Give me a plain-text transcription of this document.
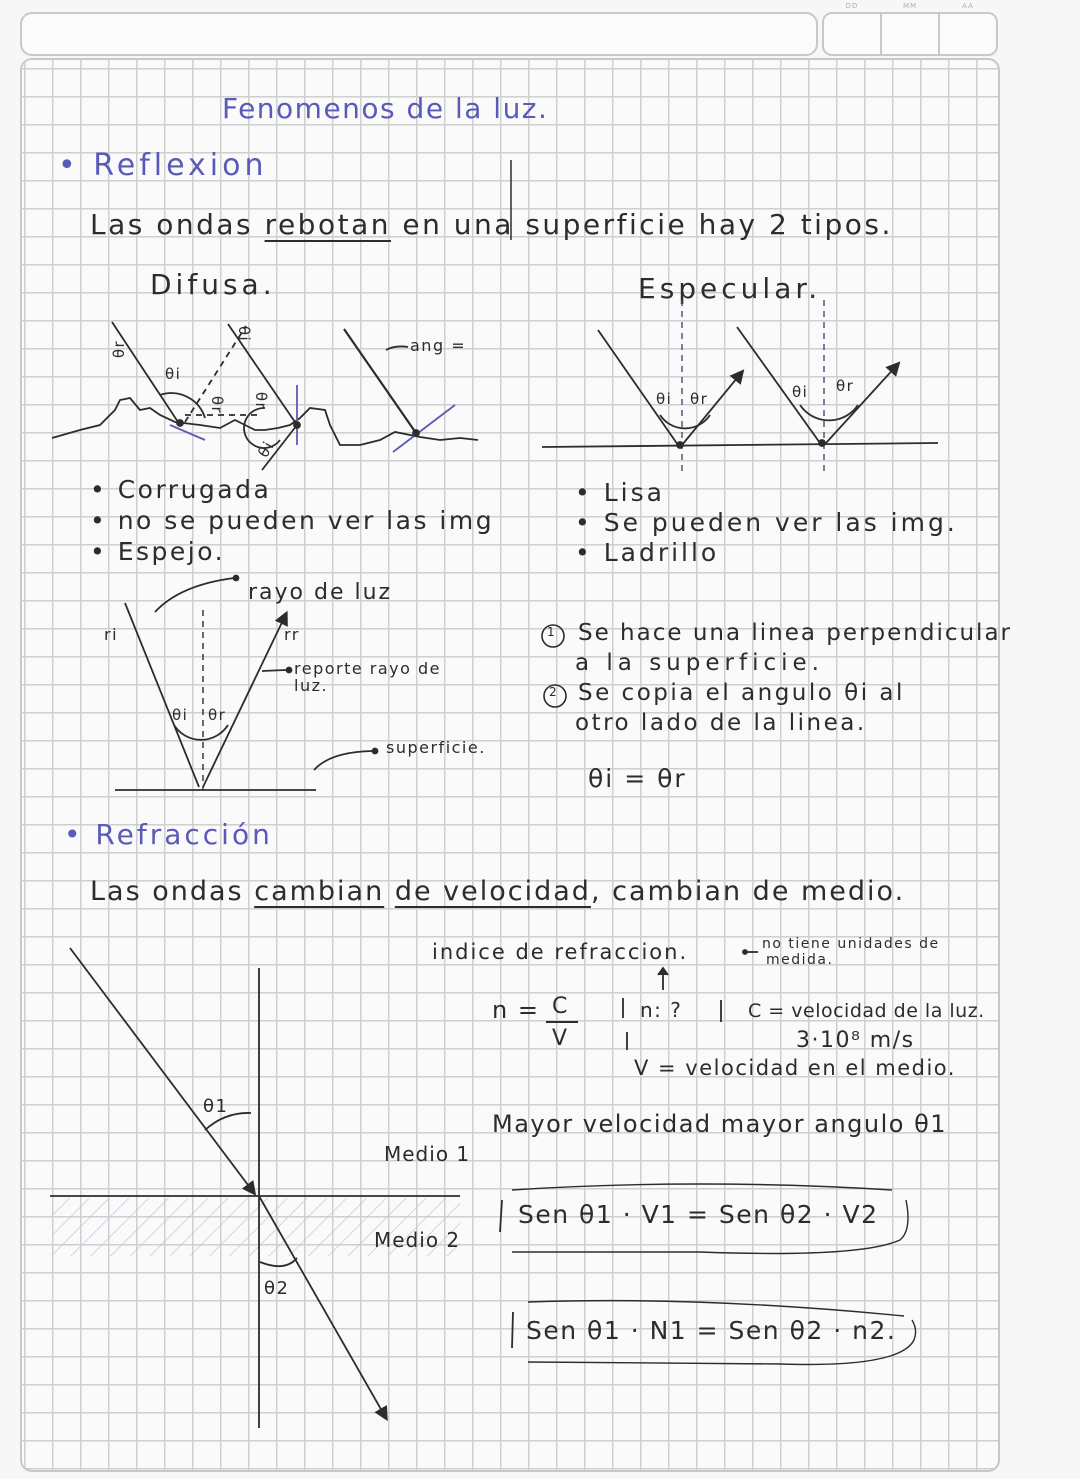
DD	MM	AA
Fenomenos de la luz.
• Reflexion
Las ondas rebotan en una superficie hay 2 tipos.
Difusa.	Especular.
θr
θi
θi
θr θr
θi
ang =
θi θr	θi θr
• Corrugada
• no se pueden ver las img
• Espejo.
• Lisa
• Se pueden ver las img.
• Ladrillo
rayo de luz
ri	rr
reporte rayo de luz.
superficie.
θi θr
1 Se hace una linea perpendicular
a la superficie.
2 Se copia el angulo θi al
otro lado de la linea.
θi = θr
• Refracción
Las ondas cambian de velocidad, cambian de medio.
indice de refraccion.	no tiene unidades de
medida.
n = C
V
n: ?	C = velocidad de la luz.
3·10⁸ m/s
V = velocidad en el medio.
Mayor velocidad mayor angulo θ1
Sen θ1 · V1 = Sen θ2 · V2
Sen θ1 · N1 = Sen θ2 · n2.
θ1
θ2
Medio 1
Medio 2
